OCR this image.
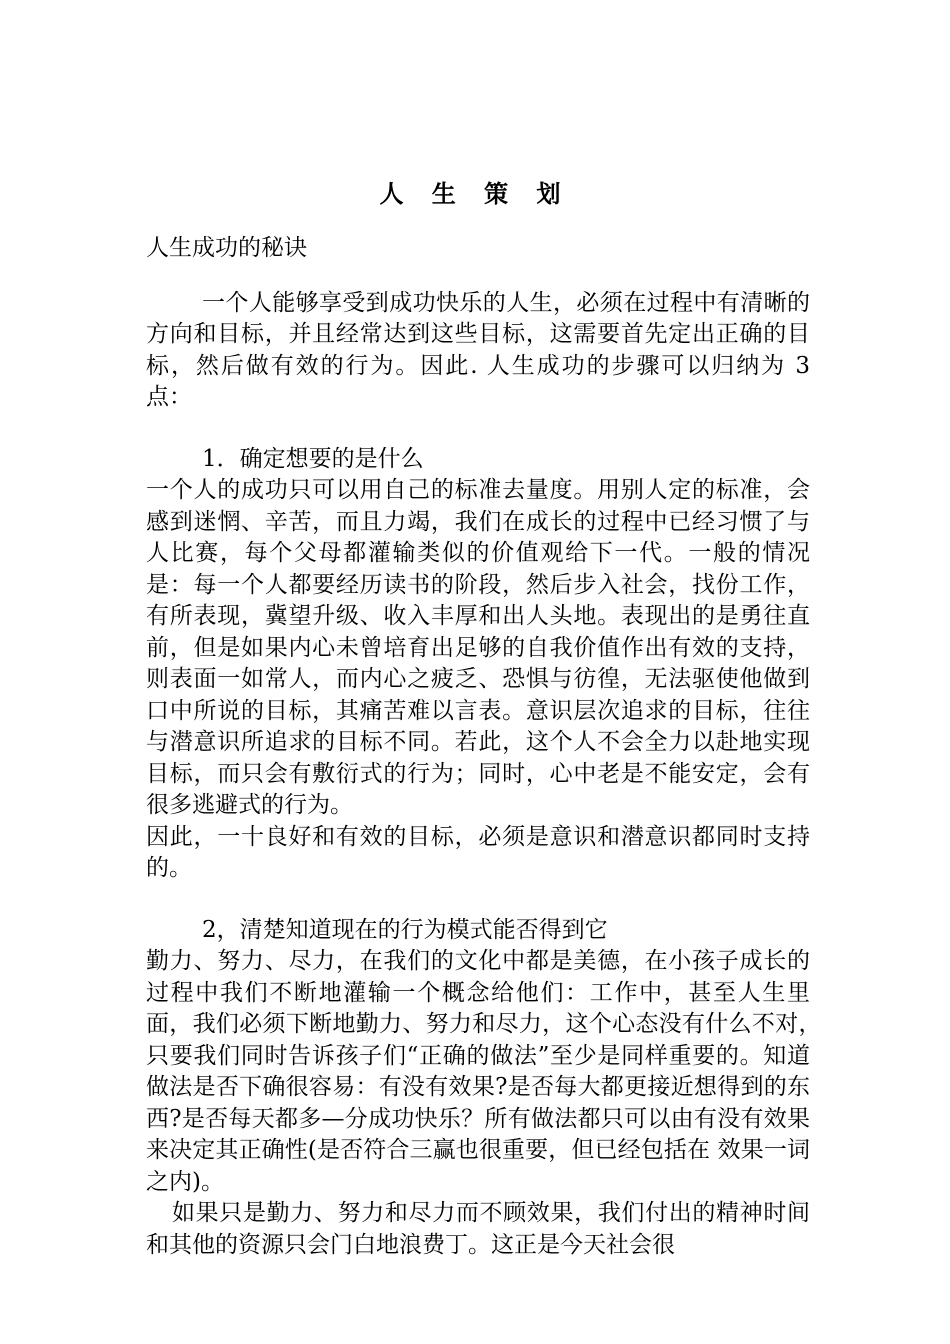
人 生 策 划

人生成功的秘诀

一个人能够享受到成功快乐的人生，必须在过程中有清晰的方向和目标，并且经常达到这些目标，这需要首先定出正确的目标，然后做有效的行为。因此. 人生成功的步骤可以归纳为 3 点：

1．确定想要的是什么

一个人的成功只可以用自己的标准去量度。用别人定的标准，会感到迷惘、辛苦，而且力竭，我们在成长的过程中已经习惯了与人比赛，每个父母都灌输类似的价值观给下一代。一般的情况是：每一个人都要经历读书的阶段，然后步入社会，找份工作，有所表现，冀望升级、收入丰厚和出人头地。表现出的是勇往直前，但是如果内心未曾培育出足够的自我价值作出有效的支持，则表面一如常人，而内心之疲乏、恐惧与彷徨，无法驱使他做到口中所说的目标，其痛苦难以言表。意识层次追求的目标，往往与潜意识所追求的目标不同。若此，这个人不会全力以赴地实现目标，而只会有敷衍式的行为；同时，心中老是不能安定，会有很多逃避式的行为。

因此，一十良好和有效的目标，必须是意识和潜意识都同时支持的。

2，清楚知道现在的行为模式能否得到它

勤力、努力、尽力，在我们的文化中都是美德，在小孩子成长的过程中我们不断地灌输一个概念给他们：工作中，甚至人生里面，我们必须下断地勤力、努力和尽力，这个心态没有什么不对，　只要我们同时告诉孩子们“正确的做法”至少是同样重要的。知道做法是否下确很容易：有没有效果?是否每大都更接近想得到的东西?是否每天都多—分成功快乐？所有做法都只可以由有没有效果来决定其正确性(是否符合三赢也很重要，但已经包括在 效果一词之内)。

如果只是勤力、努力和尽力而不顾效果，我们付出的精神时间和其他的资源只会门白地浪费丁。这正是今天社会很
